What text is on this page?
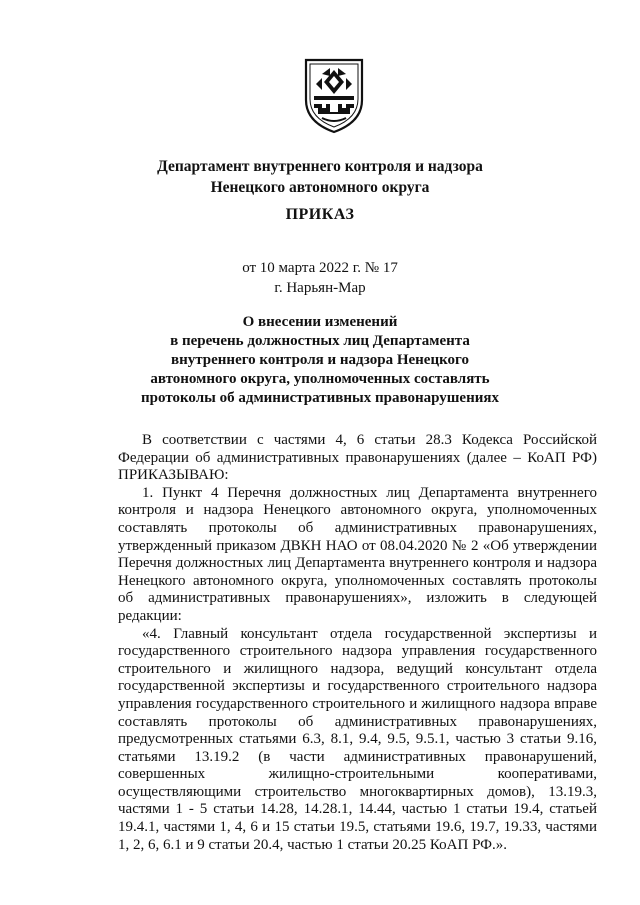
Департамент внутреннего контроля и надзора
Ненецкого автономного округа
ПРИКАЗ
от 10 марта 2022 г. № 17
г. Нарьян-Мар
О внесении изменений
в перечень должностных лиц Департамента
внутреннего контроля и надзора Ненецкого
автономного округа, уполномоченных составлять
протоколы об административных правонарушениях

В соответствии с частями 4, 6 статьи 28.3 Кодекса Российской Федерации об административных правонарушениях (далее – КоАП РФ) ПРИКАЗЫВАЮ:

1. Пункт 4 Перечня должностных лиц Департамента внутреннего контроля и надзора Ненецкого автономного округа, уполномоченных составлять протоколы об административных правонарушениях, утвержденный приказом ДВКН НАО от 08.04.2020 № 2 «Об утверждении Перечня должностных лиц Департамента внутреннего контроля и надзора Ненецкого автономного округа, уполномоченных составлять протоколы об административных правонарушениях», изложить в следующей редакции:

«4. Главный консультант отдела государственной экспертизы и государственного строительного надзора управления государственного строительного и жилищного надзора, ведущий консультант отдела государственной экспертизы и государственного строительного надзора управления государственного строительного и жилищного надзора вправе составлять протоколы об административных правонарушениях, предусмотренных статьями 6.3, 8.1, 9.4, 9.5, 9.5.1, частью 3 статьи 9.16, статьями 13.19.2 (в части административных правонарушений, совершенных жилищно-строительными кооперативами, осуществляющими строительство многоквартирных домов), 13.19.3, частями 1 - 5 статьи 14.28, 14.28.1, 14.44, частью 1 статьи 19.4, статьей 19.4.1, частями 1, 4, 6 и 15 статьи 19.5, статьями 19.6, 19.7, 19.33, частями 1, 2, 6, 6.1 и 9 статьи 20.4, частью 1 статьи 20.25 КоАП РФ.».
